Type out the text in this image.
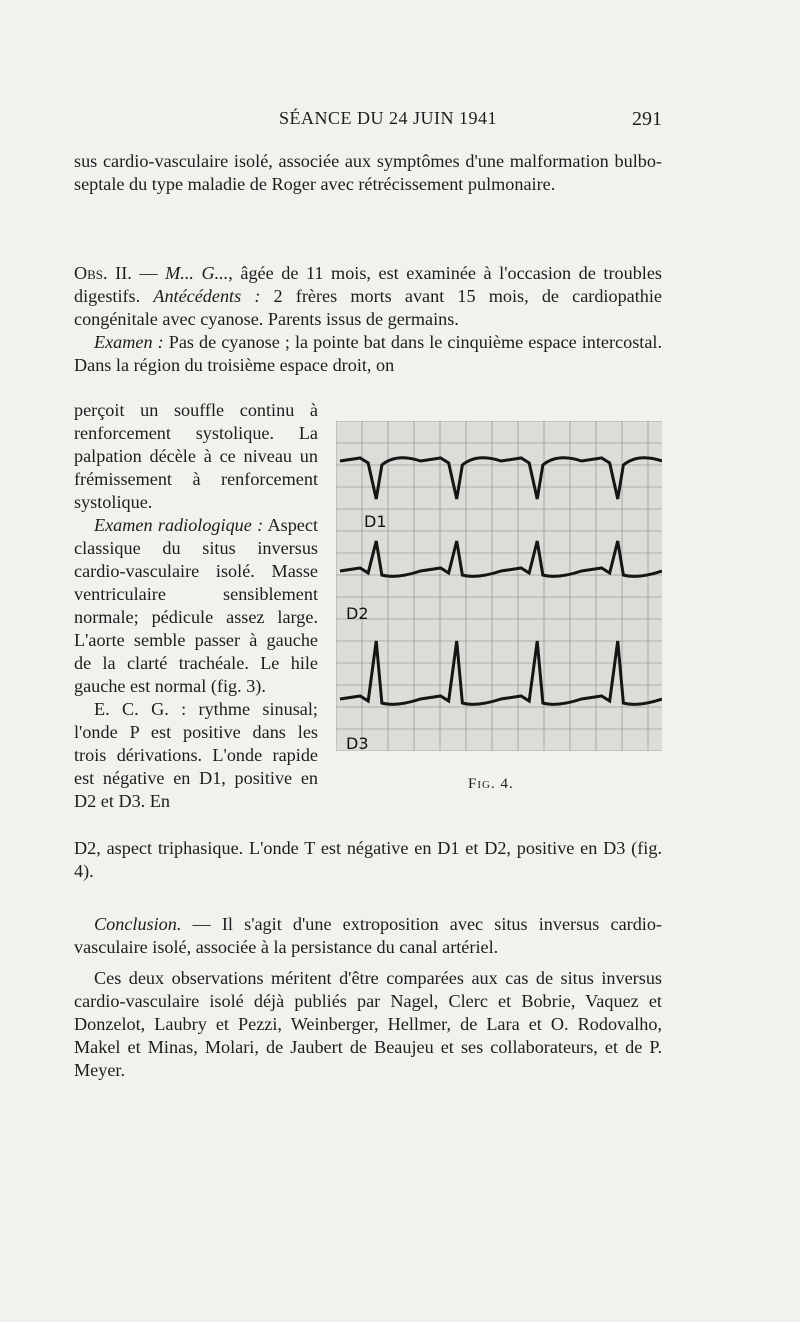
SÉANCE DU 24 JUIN 1941	291

sus cardio-vasculaire isolé, associée aux symptômes d'une malformation bulbo-septale du type maladie de Roger avec rétrécissement pulmonaire.

Obs. II. — M... G..., âgée de 11 mois, est examinée à l'occasion de troubles digestifs. Antécédents : 2 frères morts avant 15 mois, de cardiopathie congénitale avec cyanose. Parents issus de germains.

Examen : Pas de cyanose ; la pointe bat dans le cinquième espace intercostal. Dans la région du troisième espace droit, on

perçoit un souffle continu à renforcement systolique. La palpation décèle à ce niveau un frémissement à renforcement systolique.

Examen radiologique : Aspect classique du situs inversus cardio-vasculaire isolé. Masse ventriculaire sensiblement normale; pédicule assez large. L'aorte semble passer à gauche de la clarté trachéale. Le hile gauche est normal (fig. 3).

E. C. G. : rythme sinusal; l'onde P est positive dans les trois dérivations. L'onde rapide est négative en D1, positive en D2 et D3. En

D1
D2
D3
Fig. 4.

D2, aspect triphasique. L'onde T est négative en D1 et D2, positive en D3 (fig. 4).

Conclusion. — Il s'agit d'une extroposition avec situs inversus cardio-vasculaire isolé, associée à la persistance du canal artériel.

Ces deux observations méritent d'être comparées aux cas de situs inversus cardio-vasculaire isolé déjà publiés par Nagel, Clerc et Bobrie, Vaquez et Donzelot, Laubry et Pezzi, Weinberger, Hellmer, de Lara et O. Rodovalho, Makel et Minas, Molari, de Jaubert de Beaujeu et ses collaborateurs, et de P. Meyer.
